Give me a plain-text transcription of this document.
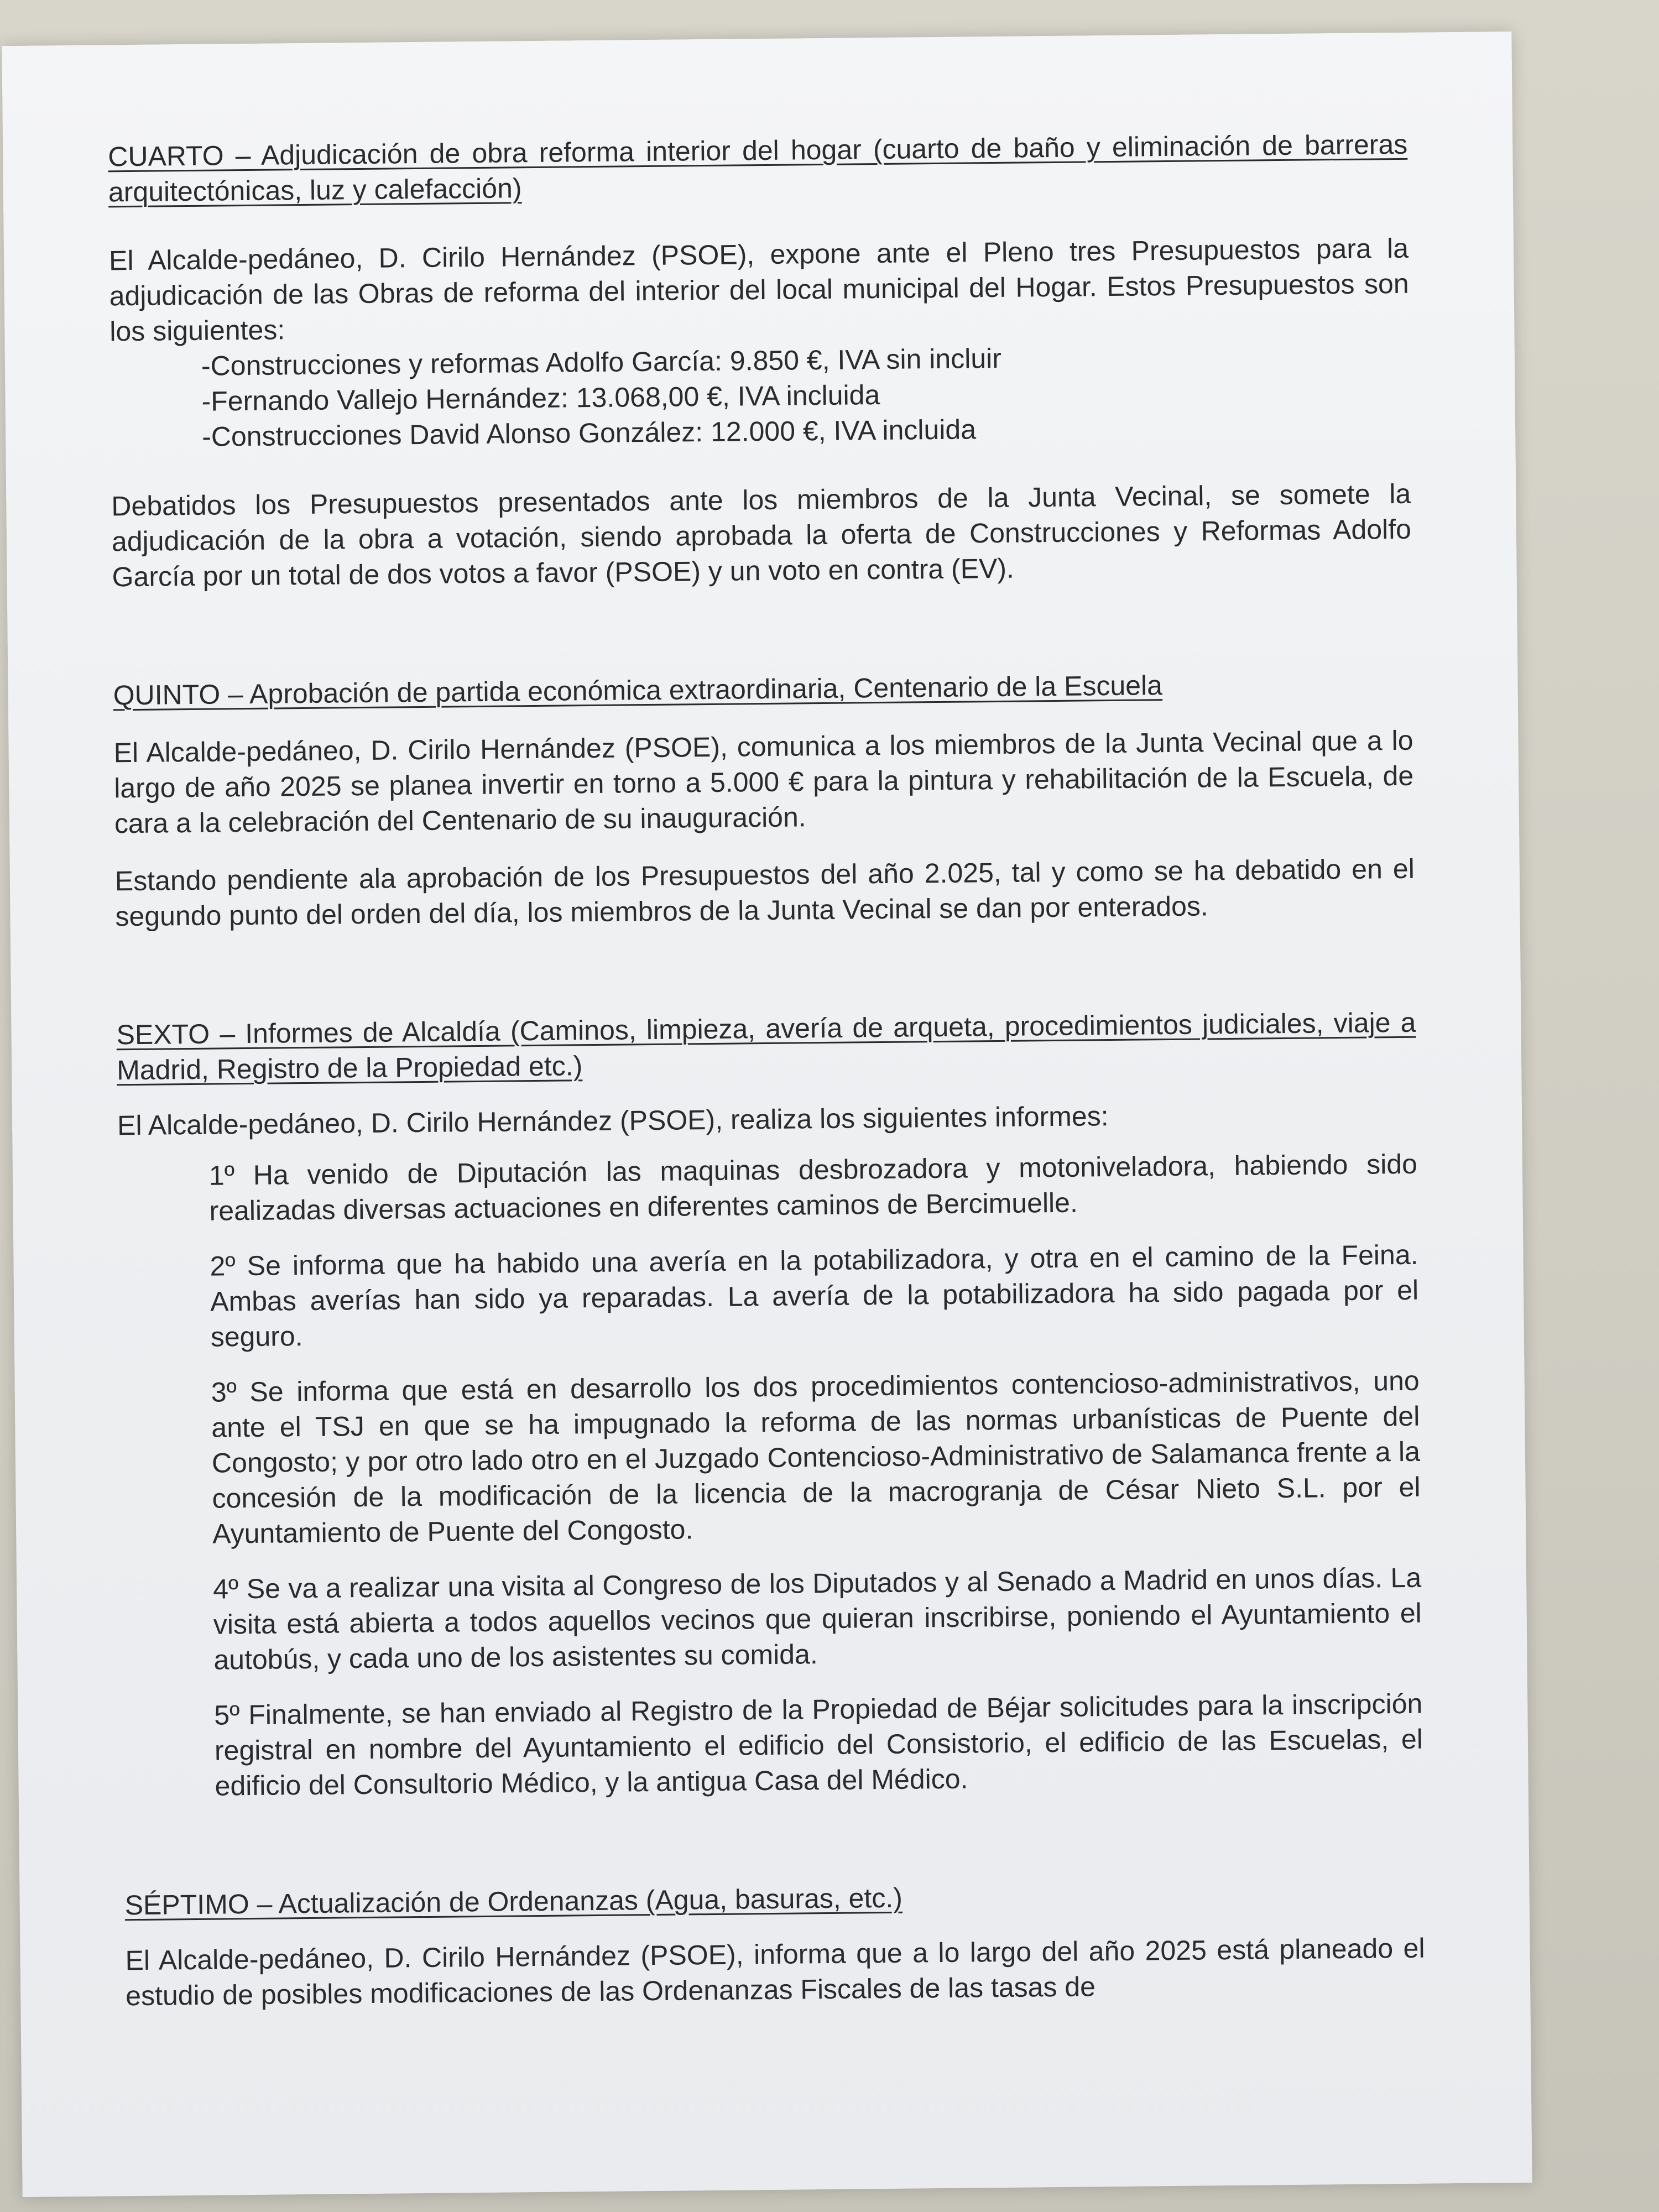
CUARTO – Adjudicación de obra reforma interior del hogar (cuarto de baño y eliminación de barreras arquitectónicas, luz y calefacción)

El Alcalde-pedáneo, D. Cirilo Hernández (PSOE), expone ante el Pleno tres Presupuestos para la adjudicación de las Obras de reforma del interior del local municipal del Hogar. Estos Presupuestos son los siguientes:

-Construcciones y reformas Adolfo García: 9.850 €, IVA sin incluir
-Fernando Vallejo Hernández: 13.068,00 €, IVA incluida
-Construcciones David Alonso González: 12.000 €, IVA incluida

Debatidos los Presupuestos presentados ante los miembros de la Junta Vecinal, se somete la adjudicación de la obra a votación, siendo aprobada la oferta de Construcciones y Reformas Adolfo García por un total de dos votos a favor (PSOE) y un voto en contra (EV).

QUINTO – Aprobación de partida económica extraordinaria, Centenario de la Escuela

El Alcalde-pedáneo, D. Cirilo Hernández (PSOE), comunica a los miembros de la Junta Vecinal que a lo largo de año 2025 se planea invertir en torno a 5.000 € para la pintura y rehabilitación de la Escuela, de cara a la celebración del Centenario de su inauguración.

Estando pendiente ala aprobación de los Presupuestos del año 2.025, tal y como se ha debatido en el segundo punto del orden del día, los miembros de la Junta Vecinal se dan por enterados.

SEXTO – Informes de Alcaldía (Caminos, limpieza, avería de arqueta, procedimientos judiciales, viaje a Madrid, Registro de la Propiedad etc.)

El Alcalde-pedáneo, D. Cirilo Hernández (PSOE), realiza los siguientes informes:

1º Ha venido de Diputación las maquinas desbrozadora y motoniveladora, habiendo sido realizadas diversas actuaciones en diferentes caminos de Bercimuelle.

2º Se informa que ha habido una avería en la potabilizadora, y otra en el camino de la Feina. Ambas averías han sido ya reparadas. La avería de la potabilizadora ha sido pagada por el seguro.

3º Se informa que está en desarrollo los dos procedimientos contencioso-administrativos, uno ante el TSJ en que se ha impugnado la reforma de las normas urbanísticas de Puente del Congosto; y por otro lado otro en el Juzgado Contencioso-Administrativo de Salamanca frente a la concesión de la modificación de la licencia de la macrogranja de César Nieto S.L. por el Ayuntamiento de Puente del Congosto.

4º Se va a realizar una visita al Congreso de los Diputados y al Senado a Madrid en unos días. La visita está abierta a todos aquellos vecinos que quieran inscribirse, poniendo el Ayuntamiento el autobús, y cada uno de los asistentes su comida.

5º Finalmente, se han enviado al Registro de la Propiedad de Béjar solicitudes para la inscripción registral en nombre del Ayuntamiento el edificio del Consistorio, el edificio de las Escuelas, el edificio del Consultorio Médico, y la antigua Casa del Médico.

SÉPTIMO – Actualización de Ordenanzas (Agua, basuras, etc.)

El Alcalde-pedáneo, D. Cirilo Hernández (PSOE), informa que a lo largo del año 2025 está planeado el estudio de posibles modificaciones de las Ordenanzas Fiscales de las tasas de
